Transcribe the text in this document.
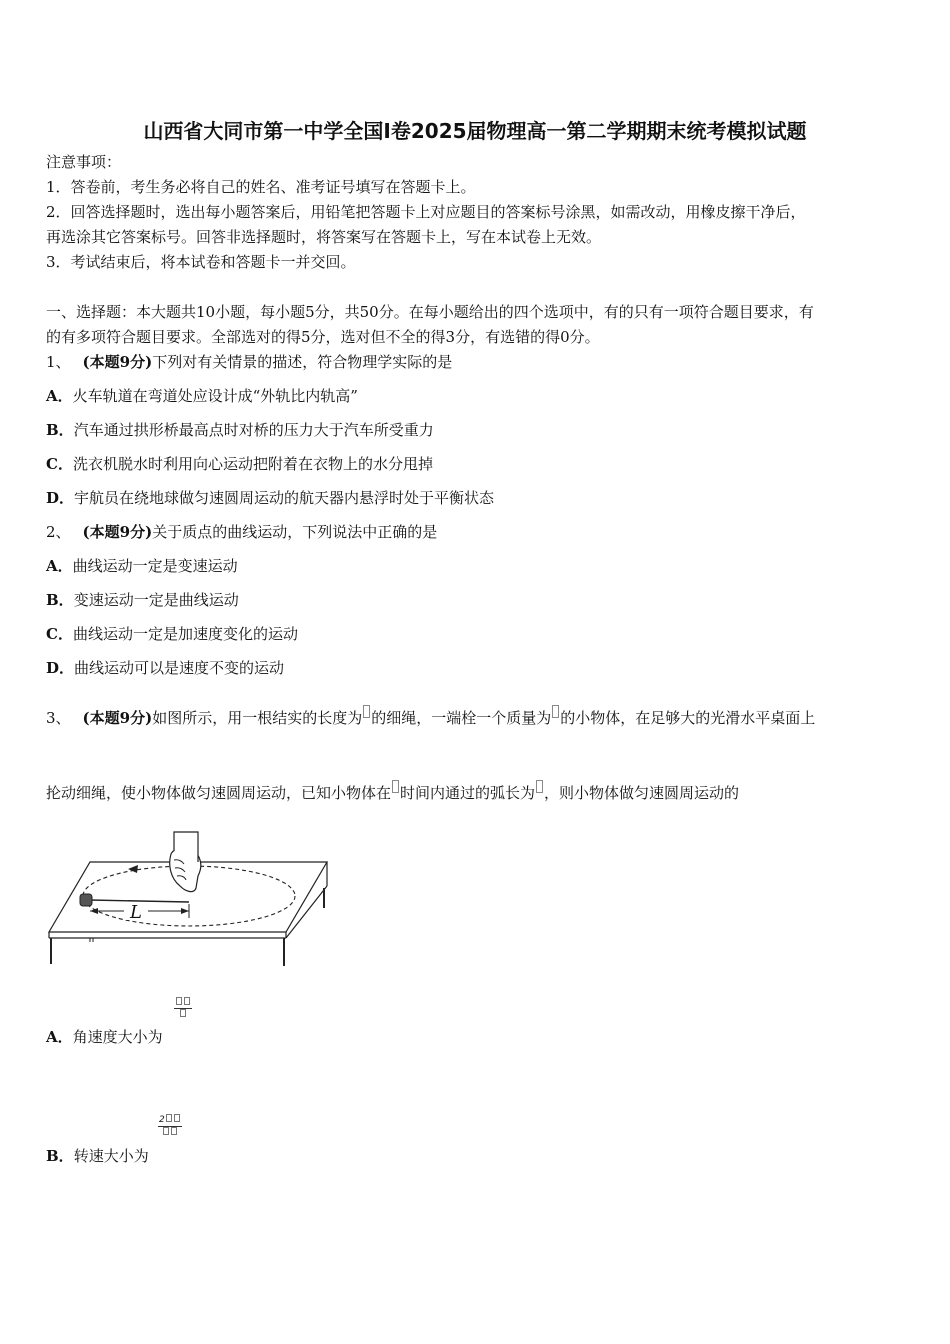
山西省大同市第一中学全国Ⅰ卷2025届物理高一第二学期期末统考模拟试题
注意事项：
1．答卷前，考生务必将自己的姓名、准考证号填写在答题卡上。
2．回答选择题时，选出每小题答案后，用铅笔把答题卡上对应题目的答案标号涂黑，如需改动，用橡皮擦干净后，
再选涂其它答案标号。回答非选择题时，将答案写在答题卡上，写在本试卷上无效。
3．考试结束后，将本试卷和答题卡一并交回。
一、选择题：本大题共10小题，每小题5分，共50分。在每小题给出的四个选项中，有的只有一项符合题目要求，有
的有多项符合题目要求。全部选对的得5分，选对但不全的得3分，有选错的得0分。
1、 (本题9分)下列对有关情景的描述，符合物理学实际的是
A．火车轨道在弯道处应设计成“外轨比内轨高”
B．汽车通过拱形桥最高点时对桥的压力大于汽车所受重力
C．洗衣机脱水时利用向心运动把附着在衣物上的水分甩掉
D．宇航员在绕地球做匀速圆周运动的航天器内悬浮时处于平衡状态
2、 (本题9分)关于质点的曲线运动，下列说法中正确的是
A．曲线运动一定是变速运动
B．变速运动一定是曲线运动
C．曲线运动一定是加速度变化的运动
D．曲线运动可以是速度不变的运动
3、 (本题9分)如图所示，用一根结实的长度为 的细绳，一端栓一个质量为 的小物体，在足够大的光滑水平桌面上
抡动细绳，使小物体做匀速圆周运动，已知小物体在 时间内通过的弧长为 ，则小物体做匀速圆周运动的
L
A．角速度大小为
2
B．转速大小为
